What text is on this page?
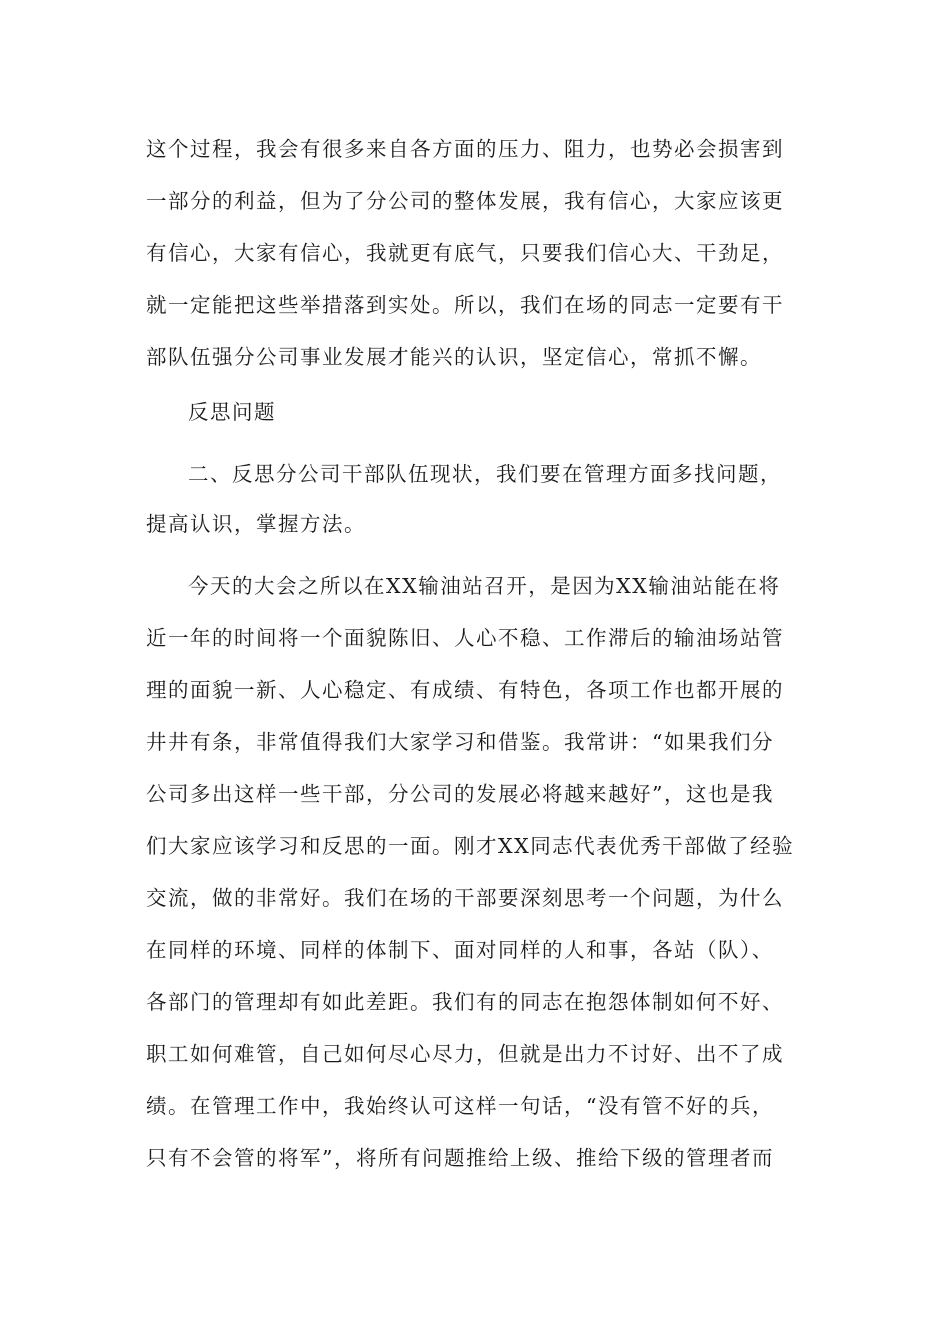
这个过程，我会有很多来自各方面的压力、阻力，也势必会损害到
一部分的利益，但为了分公司的整体发展，我有信心，大家应该更
有信心，大家有信心，我就更有底气，只要我们信心大、干劲足，
就一定能把这些举措落到实处。所以，我们在场的同志一定要有干
部队伍强分公司事业发展才能兴的认识，坚定信心，常抓不懈。
反思问题
二、反思分公司干部队伍现状，我们要在管理方面多找问题，
提高认识，掌握方法。
今天的大会之所以在XX输油站召开，是因为XX输油站能在将
近一年的时间将一个面貌陈旧、人心不稳、工作滞后的输油场站管
理的面貌一新、人心稳定、有成绩、有特色，各项工作也都开展的
井井有条，非常值得我们大家学习和借鉴。我常讲：“如果我们分
公司多出这样一些干部，分公司的发展必将越来越好”，这也是我
们大家应该学习和反思的一面。刚才XX同志代表优秀干部做了经验
交流，做的非常好。我们在场的干部要深刻思考一个问题，为什么
在同样的环境、同样的体制下、面对同样的人和事，各站（队）、
各部门的管理却有如此差距。我们有的同志在抱怨体制如何不好、
职工如何难管，自己如何尽心尽力，但就是出力不讨好、出不了成
绩。在管理工作中，我始终认可这样一句话，“没有管不好的兵，
只有不会管的将军”，将所有问题推给上级、推给下级的管理者而
